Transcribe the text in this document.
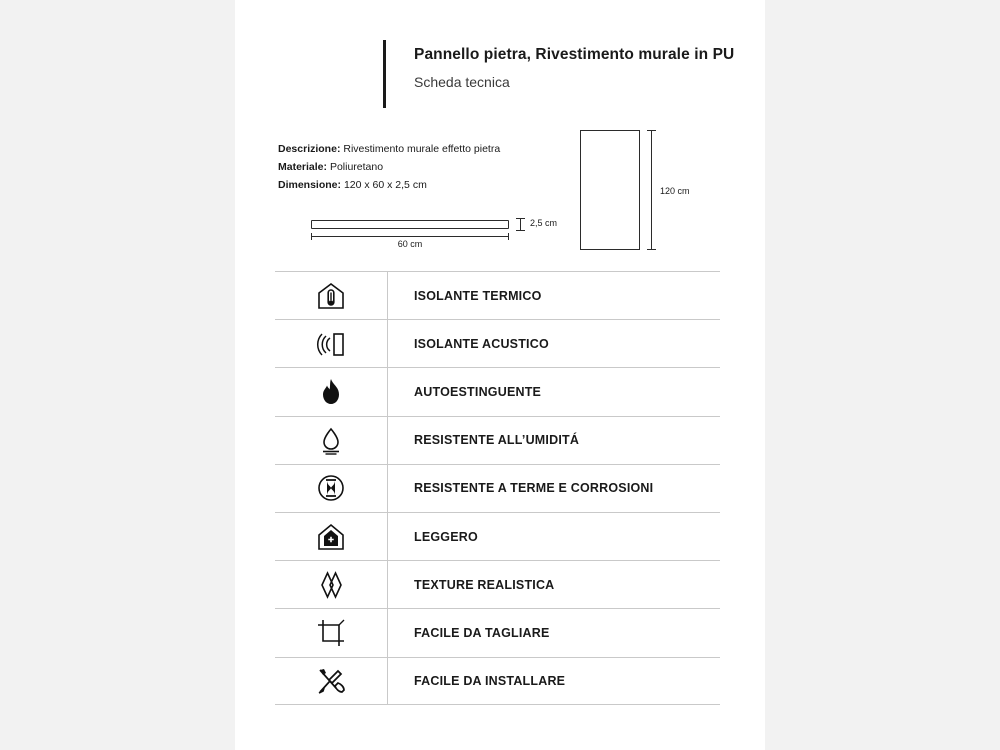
Pannello pietra, Rivestimento murale in PU
Scheda tecnica
Descrizione: Rivestimento murale effetto pietra
Materiale: Poliuretano
Dimensione: 120 x 60 x 2,5 cm
60 cm
2,5 cm
120 cm
ISOLANTE TERMICO
ISOLANTE ACUSTICO
AUTOESTINGUENTE
RESISTENTE ALL’UMIDITÁ
RESISTENTE A TERME E CORROSIONI
LEGGERO
TEXTURE REALISTICA
FACILE DA TAGLIARE
FACILE DA INSTALLARE
